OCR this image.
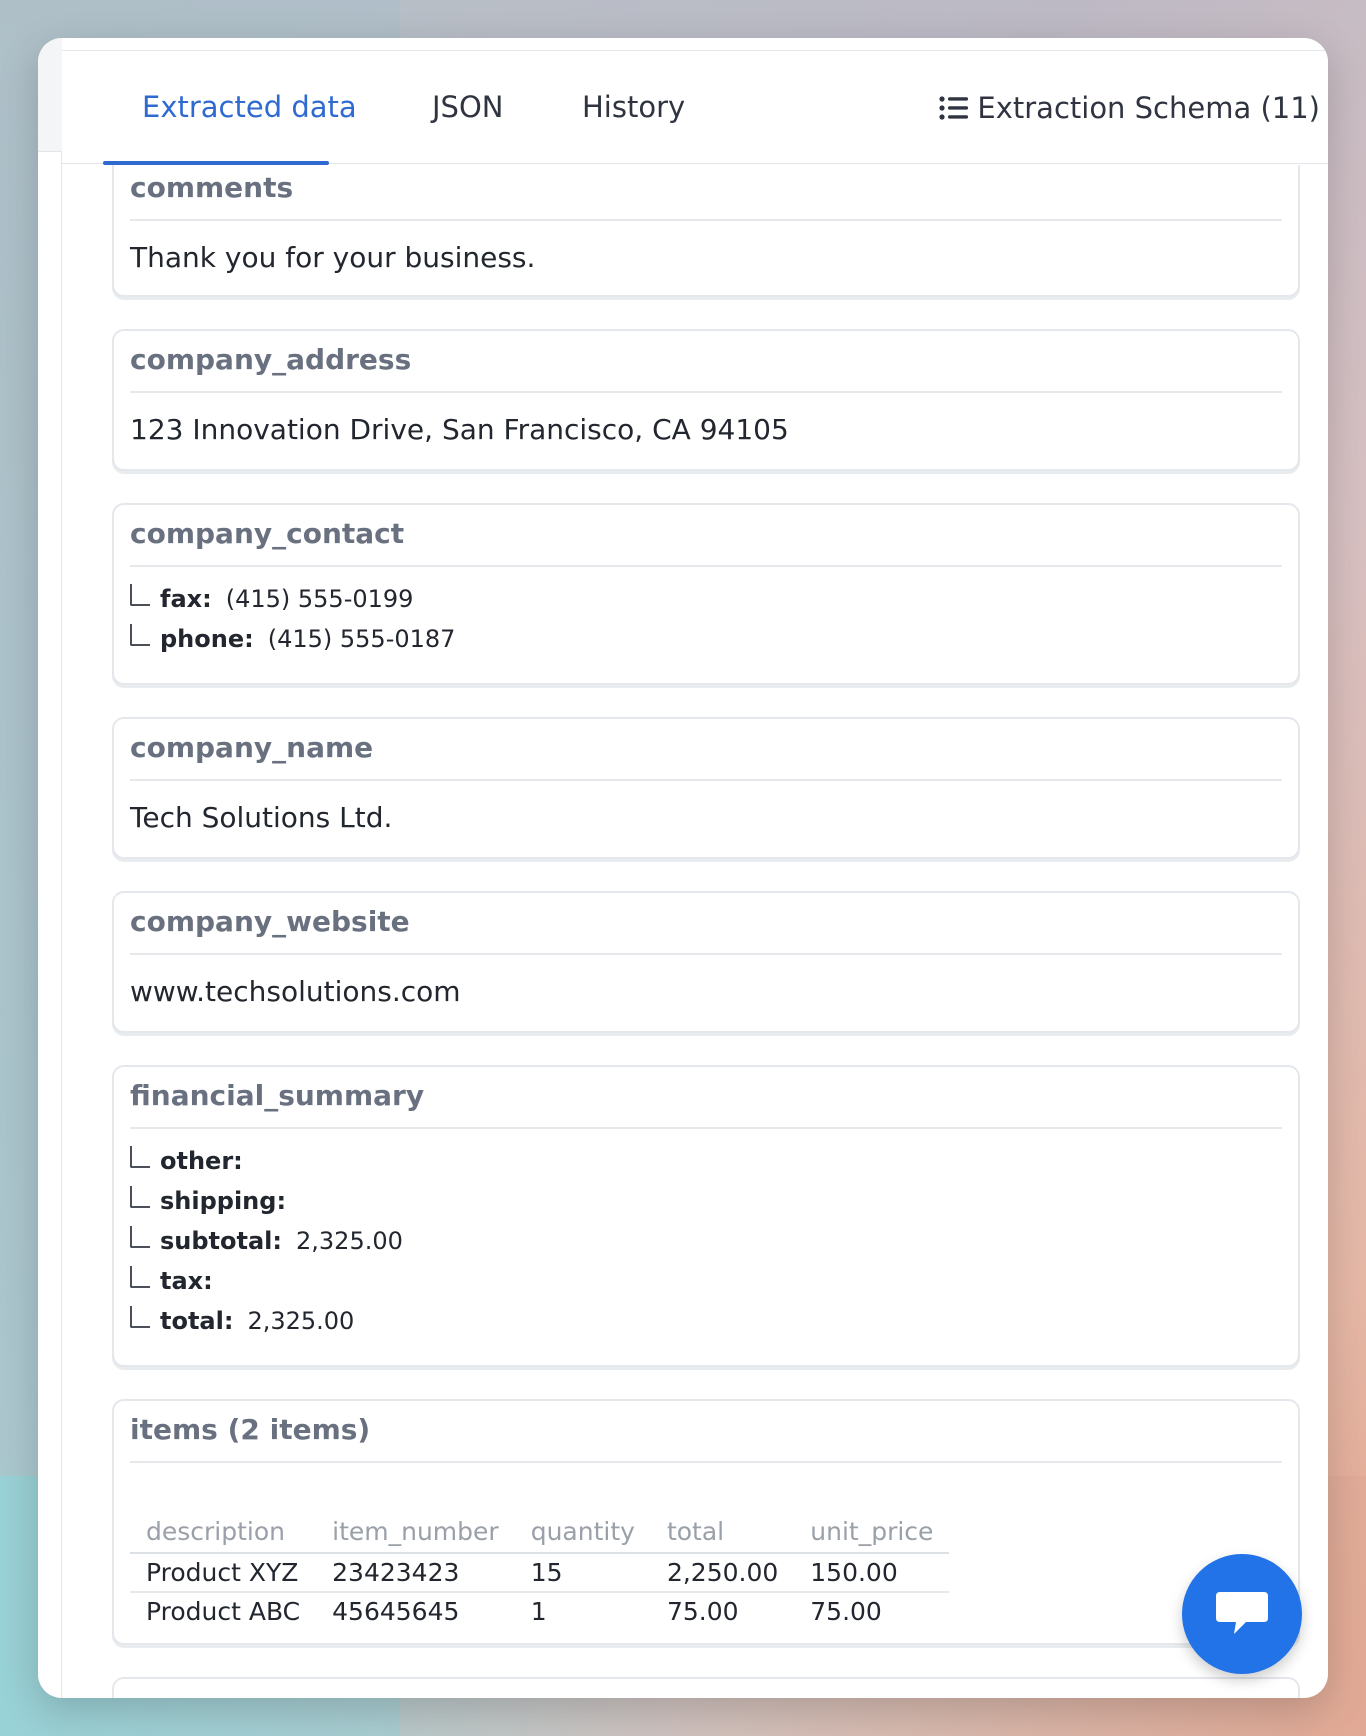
Extracted data	JSON	History	Extraction Schema (11)
comments
Thank you for your business.
company_address
123 Innovation Drive, San Francisco, CA 94105
company_contact
fax: (415) 555-0199
phone: (415) 555-0187
company_name
Tech Solutions Ltd.
company_website
www.techsolutions.com
financial_summary
other:
shipping:
subtotal: 2,325.00
tax:
total: 2,325.00
items (2 items)
description	item_number	quantity	total	unit_price
Product XYZ	23423423	15	2,250.00	150.00
Product ABC	45645645	1	75.00	75.00
